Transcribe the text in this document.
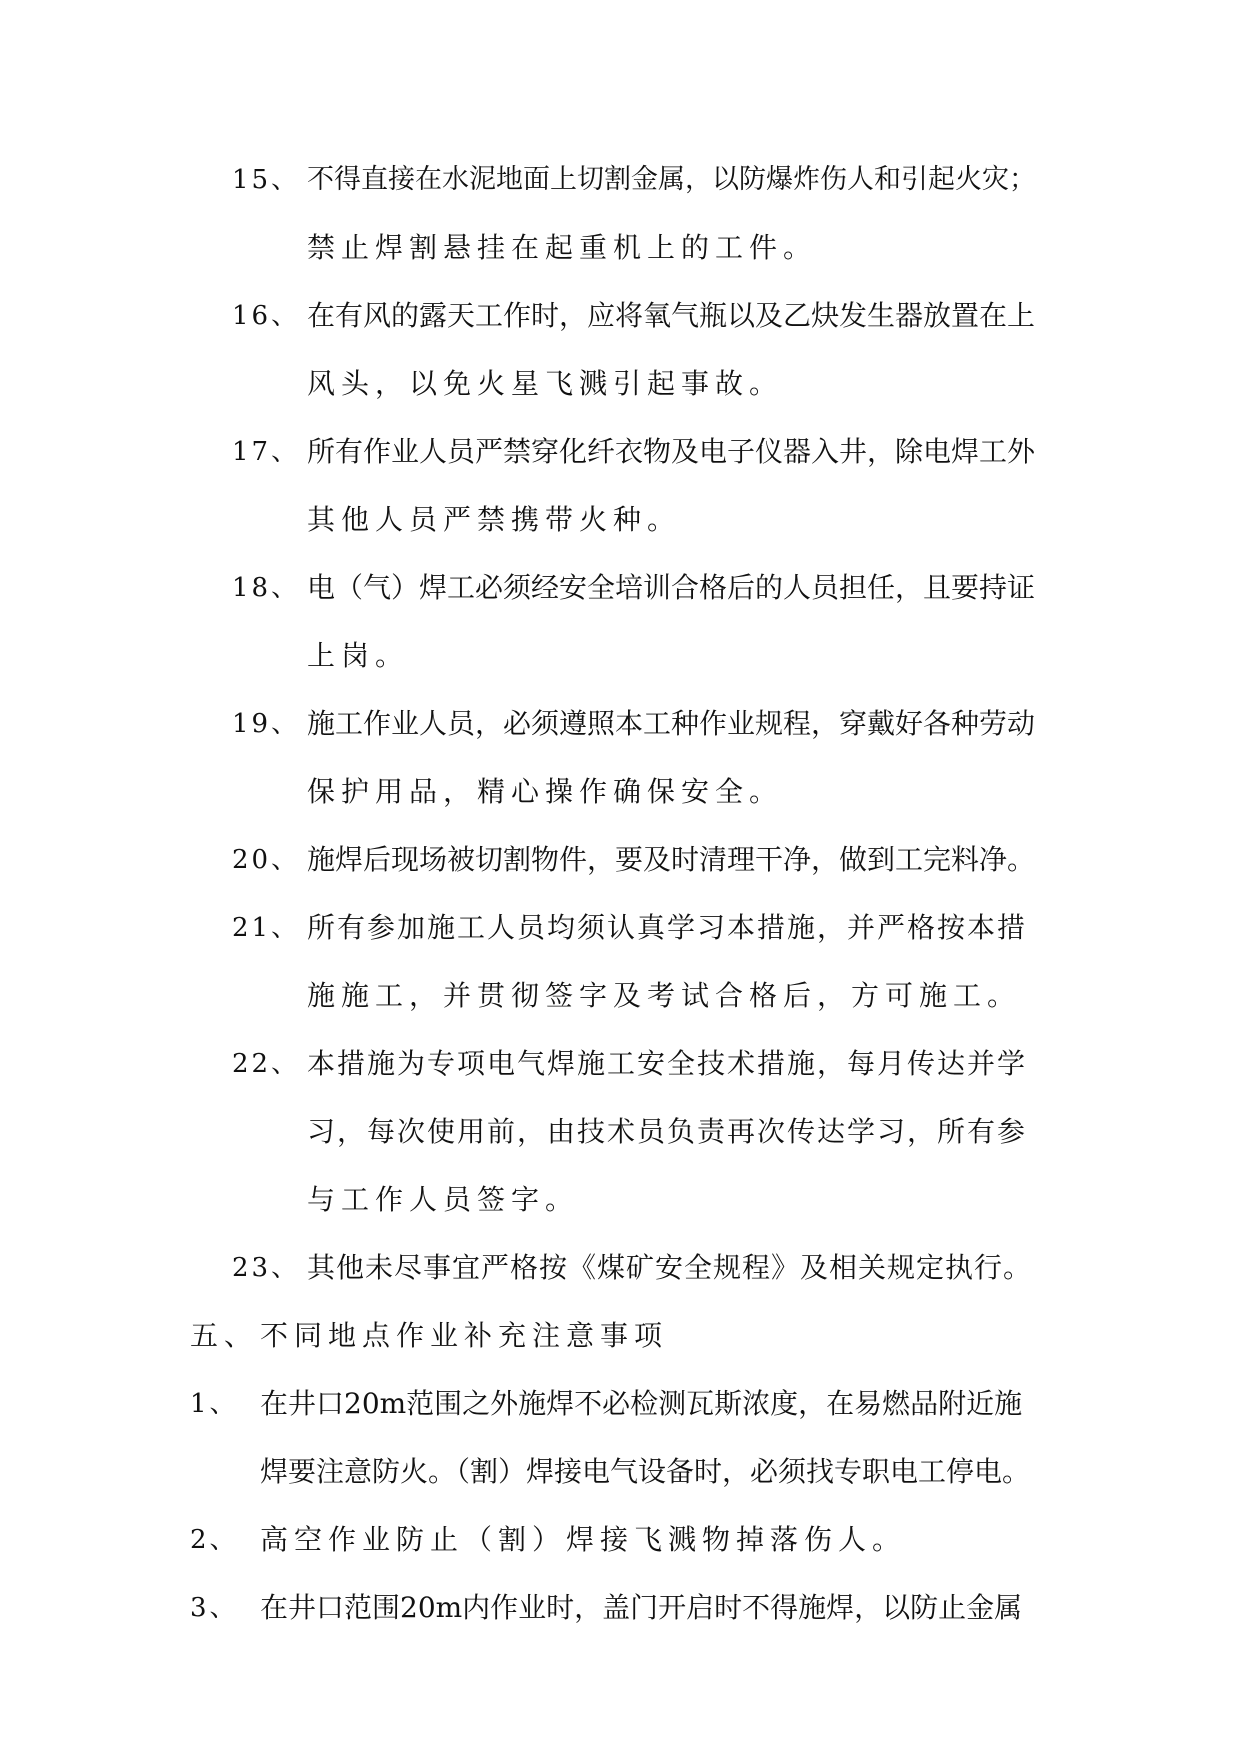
15、 不得直接在水泥地面上切割金属，以防爆炸伤人和引起火灾；
禁止焊割悬挂在起重机上的工件。
16、 在有风的露天工作时，应将氧气瓶以及乙炔发生器放置在上
风头，以免火星飞溅引起事故。
17、 所有作业人员严禁穿化纤衣物及电子仪器入井，除电焊工外
其他人员严禁携带火种。
18、 电（气）焊工必须经安全培训合格后的人员担任，且要持证
上岗。
19、 施工作业人员，必须遵照本工种作业规程，穿戴好各种劳动
保护用品，精心操作确保安全。
20、 施焊后现场被切割物件，要及时清理干净，做到工完料净。
21、 所有参加施工人员均须认真学习本措施，并严格按本措
施施工，并贯彻签字及考试合格后，方可施工。
22、 本措施为专项电气焊施工安全技术措施，每月传达并学
习，每次使用前，由技术员负责再次传达学习，所有参
与工作人员签字。
23、 其他未尽事宜严格按《煤矿安全规程》及相关规定执行。
五、 不同地点作业补充注意事项
1、 在井口20m范围之外施焊不必检测瓦斯浓度，在易燃品附近施
焊要注意防火。（割）焊接电气设备时，必须找专职电工停电。
2、 高空作业防止（割）焊接飞溅物掉落伤人。
3、 在井口范围20m内作业时，盖门开启时不得施焊，以防止金属
